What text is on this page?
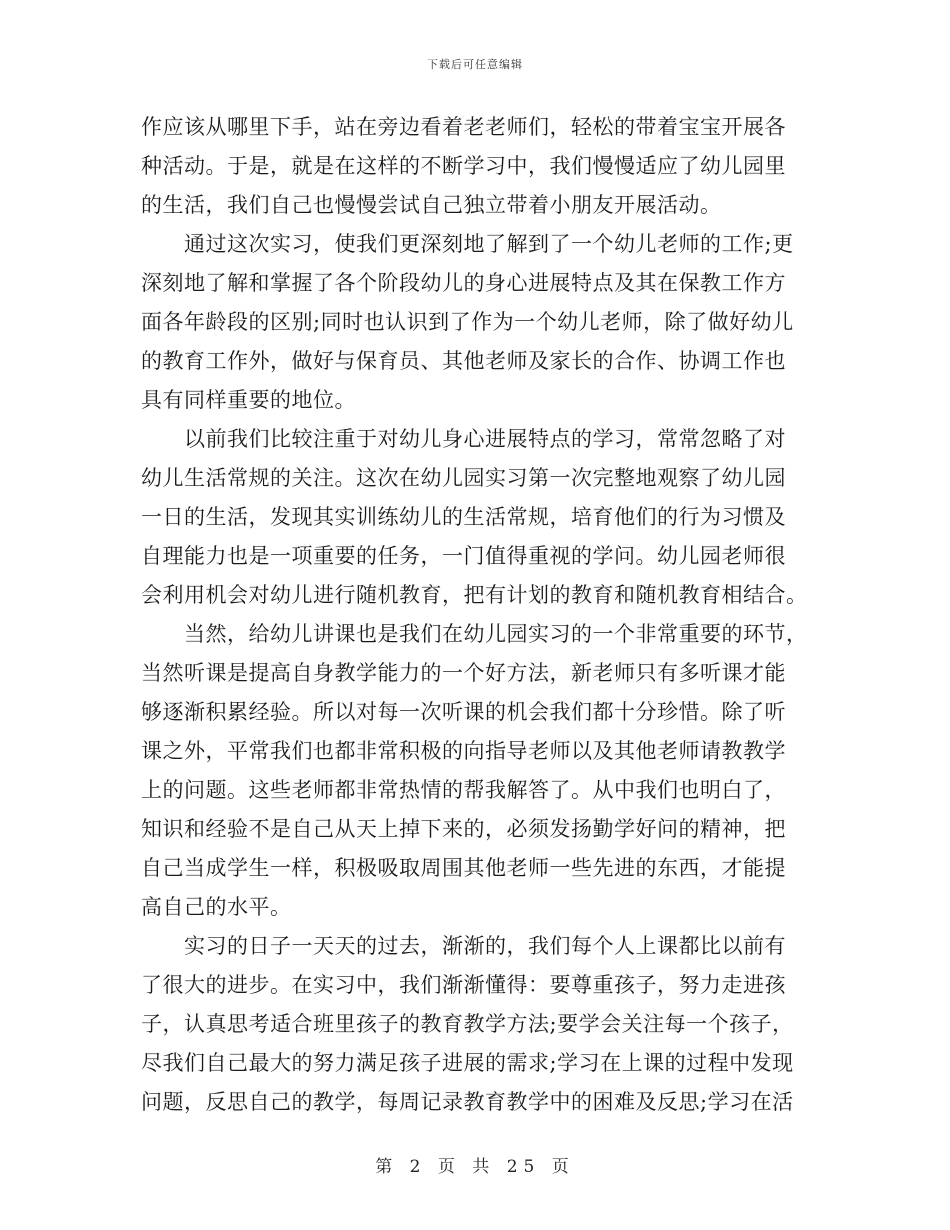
下载后可任意编辑
作应该从哪里下手，站在旁边看着老老师们，轻松的带着宝宝开展各
种活动。于是，就是在这样的不断学习中，我们慢慢适应了幼儿园里
的生活，我们自己也慢慢尝试自己独立带着小朋友开展活动。
　　通过这次实习，使我们更深刻地了解到了一个幼儿老师的工作;更
深刻地了解和掌握了各个阶段幼儿的身心进展特点及其在保教工作方
面各年龄段的区别;同时也认识到了作为一个幼儿老师，除了做好幼儿
的教育工作外，做好与保育员、其他老师及家长的合作、协调工作也
具有同样重要的地位。
　　以前我们比较注重于对幼儿身心进展特点的学习，常常忽略了对
幼儿生活常规的关注。这次在幼儿园实习第一次完整地观察了幼儿园
一日的生活，发现其实训练幼儿的生活常规，培育他们的行为习惯及
自理能力也是一项重要的任务，一门值得重视的学问。幼儿园老师很
会利用机会对幼儿进行随机教育，把有计划的教育和随机教育相结合。
　　当然，给幼儿讲课也是我们在幼儿园实习的一个非常重要的环节，
当然听课是提高自身教学能力的一个好方法，新老师只有多听课才能
够逐渐积累经验。所以对每一次听课的机会我们都十分珍惜。除了听
课之外，平常我们也都非常积极的向指导老师以及其他老师请教教学
上的问题。这些老师都非常热情的帮我解答了。从中我们也明白了，
知识和经验不是自己从天上掉下来的，必须发扬勤学好问的精神，把
自己当成学生一样，积极吸取周围其他老师一些先进的东西，才能提
高自己的水平。
　　实习的日子一天天的过去，渐渐的，我们每个人上课都比以前有
了很大的进步。在实习中，我们渐渐懂得：要尊重孩子，努力走进孩
子，认真思考适合班里孩子的教育教学方法;要学会关注每一个孩子，
尽我们自己最大的努力满足孩子进展的需求;学习在上课的过程中发现
问题，反思自己的教学，每周记录教育教学中的困难及反思;学习在活
第 2 页 共 25 页
